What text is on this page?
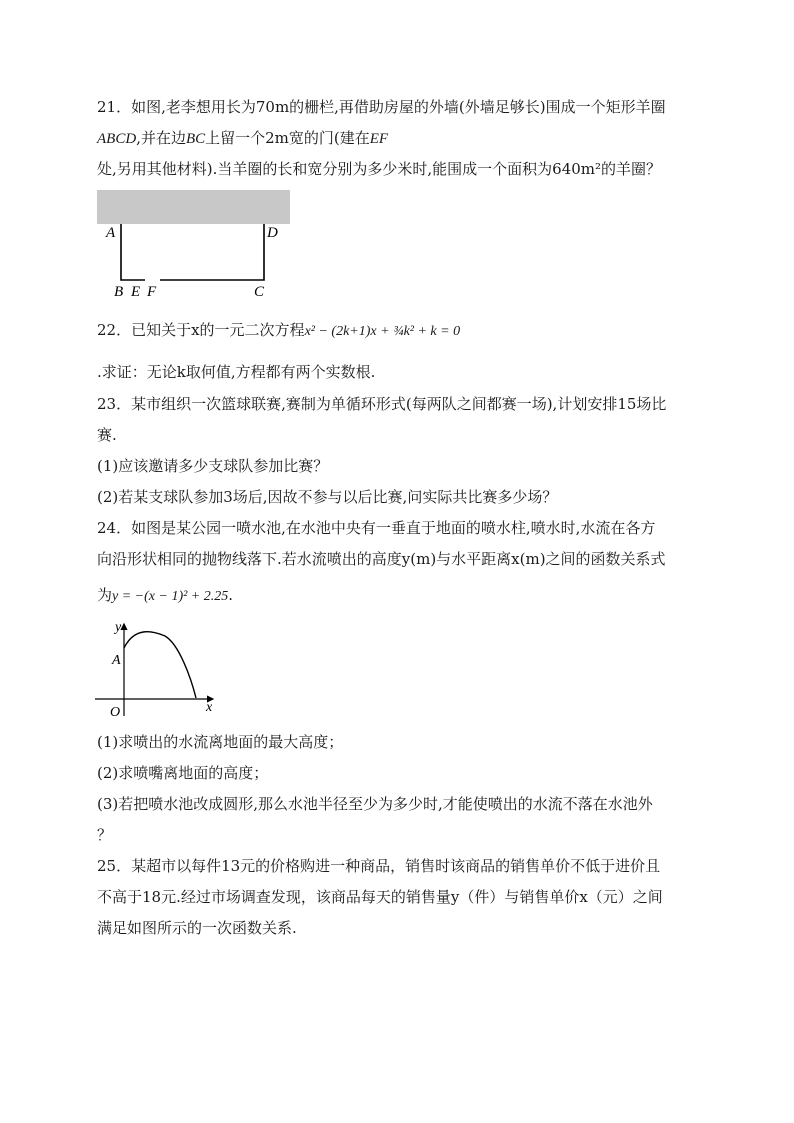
21．如图,老李想用长为70m的栅栏,再借助房屋的外墙(外墙足够长)围成一个矩形羊圈
ABCD,并在边BC上留一个2m宽的门(建在EF
处,另用其他材料).当羊圈的长和宽分别为多少米时,能围成一个面积为640m²的羊圈？
A	D
B E F	C
22．已知关于x的一元二次方程x² − (2k+1)x + ¾k² + k = 0
.求证：无论k取何值,方程都有两个实数根.
23．某市组织一次篮球联赛,赛制为单循环形式(每两队之间都赛一场),计划安排15场比
赛.
(1)应该邀请多少支球队参加比赛？
(2)若某支球队参加3场后,因故不参与以后比赛,问实际共比赛多少场？
24．如图是某公园一喷水池,在水池中央有一垂直于地面的喷水柱,喷水时,水流在各方
向沿形状相同的抛物线落下.若水流喷出的高度y(m)与水平距离x(m)之间的函数关系式
为y = −(x − 1)² + 2.25.
y
A
O	x
(1)求喷出的水流离地面的最大高度；
(2)求喷嘴离地面的高度；
(3)若把喷水池改成圆形,那么水池半径至少为多少时,才能使喷出的水流不落在水池外
？
25．某超市以每件13元的价格购进一种商品，销售时该商品的销售单价不低于进价且
不高于18元.经过市场调查发现，该商品每天的销售量y（件）与销售单价x（元）之间
满足如图所示的一次函数关系.
